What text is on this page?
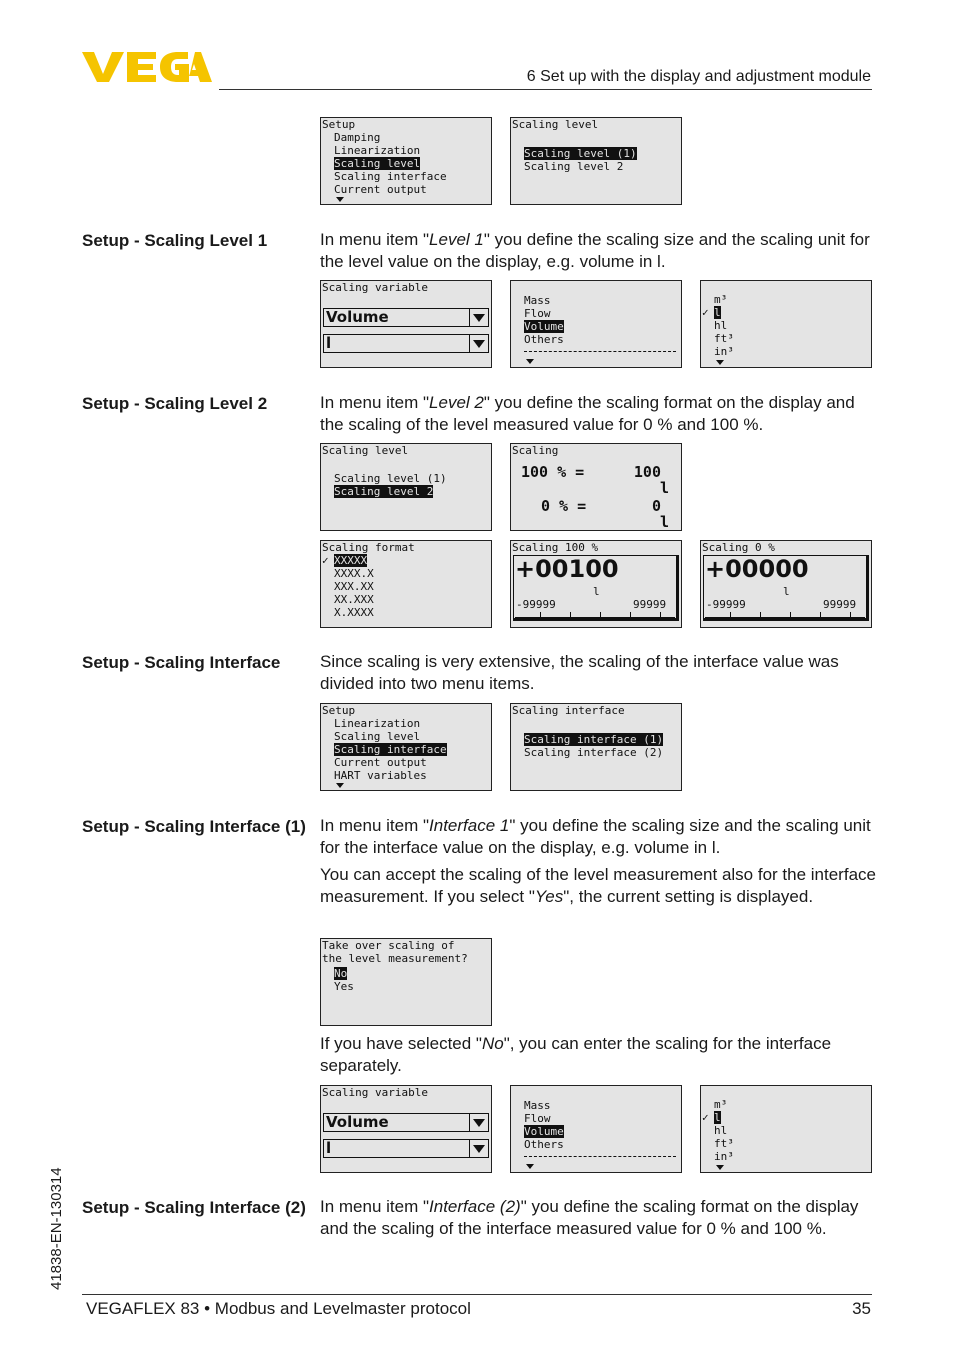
6 Set up with the display and adjustment module
Setup
Damping
Linearization
Scaling level
Scaling interface
Current output
Scaling level
Scaling level (1)
Scaling level 2
Setup - Scaling Level 1	In menu item "Level 1" you define the scaling size and the scaling unit for the level value on the display, e.g. volume in l.
Scaling variable
Volume
l
Mass
Flow
Volume
Others
m³
✓ l
hl
ft³
in³
Setup - Scaling Level 2	In menu item "Level 2" you define the scaling format on the display and the scaling of the level measured value for 0 % and 100 %.
Scaling level
Scaling level (1)
Scaling level 2
Scaling
100 % =	100
l
0 % =	0
l
Scaling format
✓ XXXXX
XXXX.X
XXX.XX
XX.XXX
X.XXXX
Scaling 100 %
+00100
l
-99999	99999
Scaling 0 %
+00000
l
-99999	99999
Setup - Scaling Interface	Since scaling is very extensive, the scaling of the interface value was divided into two menu items.
Setup
Linearization
Scaling level
Scaling interface
Current output
HART variables
Scaling interface
Scaling interface (1)
Scaling interface (2)
Setup - Scaling Interface (1) In menu item "Interface 1" you define the scaling size and the scaling unit for the interface value on the display, e.g. volume in l.
You can accept the scaling of the level measurement also for the interface measurement. If you select "Yes", the current setting is displayed.
Take over scaling of
the level measurement?
No
Yes
If you have selected "No", you can enter the scaling for the interface separately.
Scaling variable
Volume
l
Mass
Flow
Volume
Others
m³
✓ l
hl
ft³
in³
Setup - Scaling Interface (2) In menu item "Interface (2)" you define the scaling format on the display and the scaling of the interface measured value for 0 % and 100 %.
41838-EN-130314
VEGAFLEX 83 • Modbus and Levelmaster protocol	35
